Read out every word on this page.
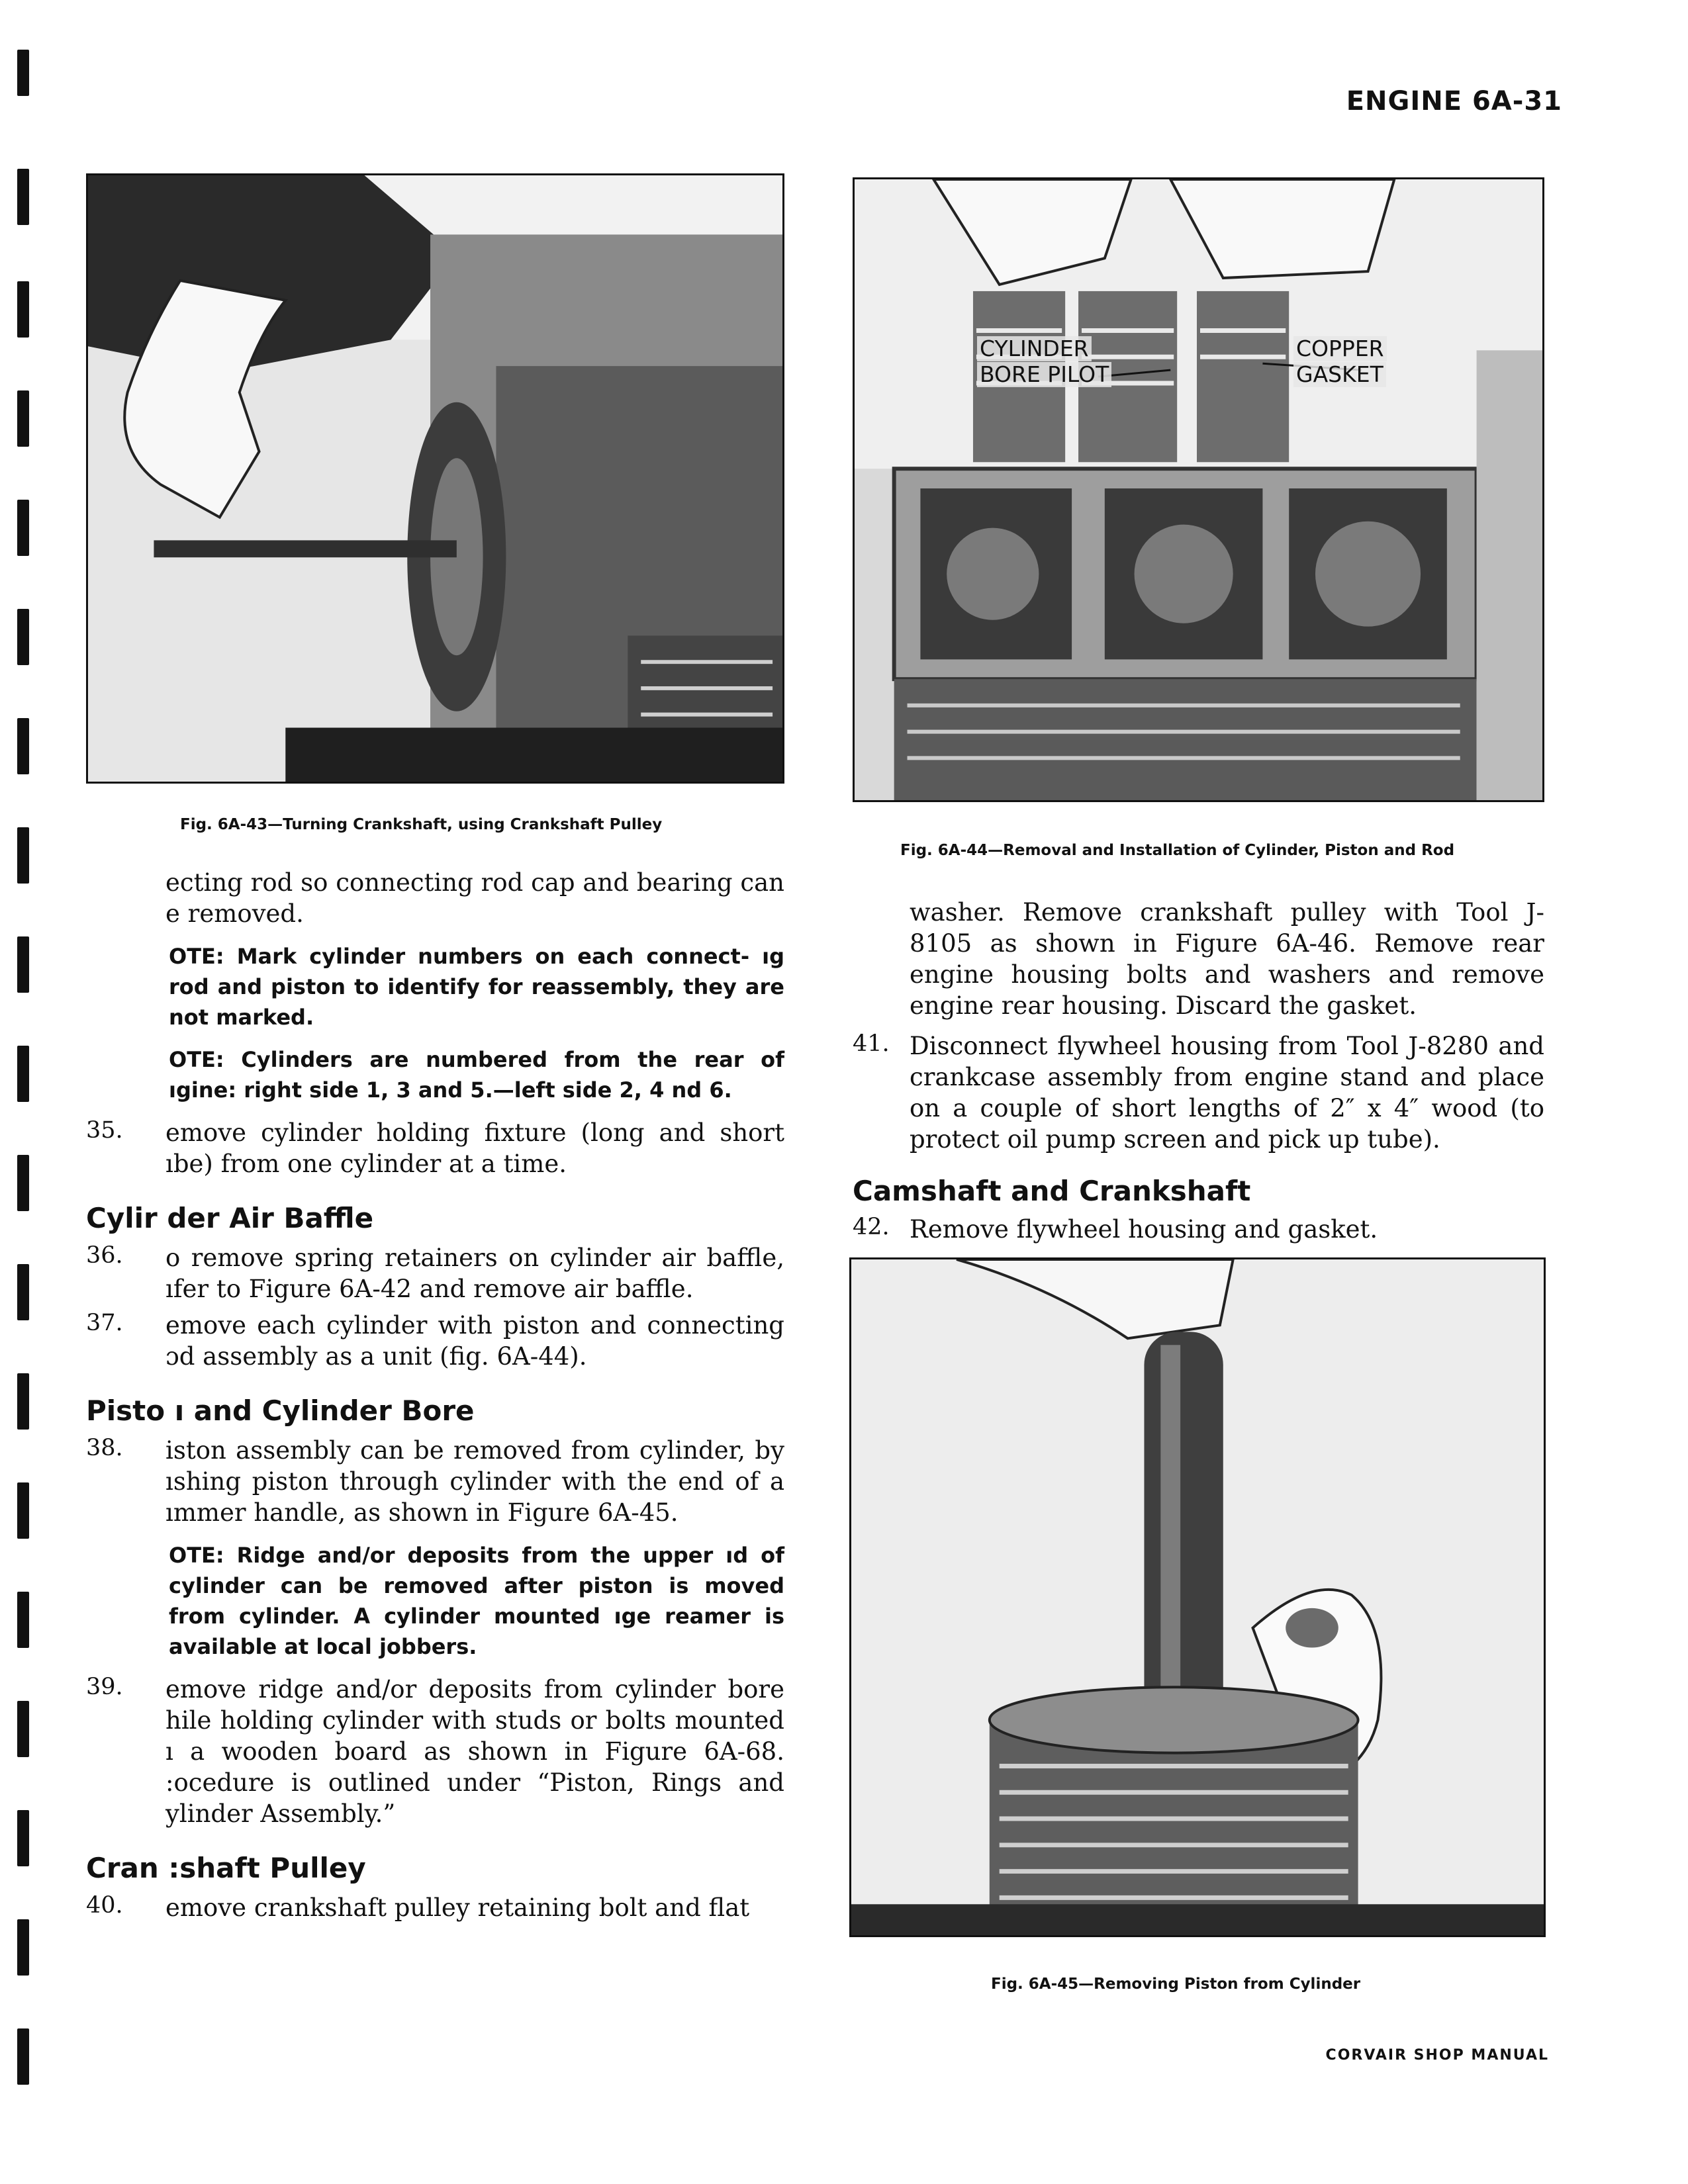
ENGINE 6A-31
Fig. 6A-43—Turning Crankshaft, using Crankshaft Pulley
CYLINDER
BORE PILOT
COPPER
GASKET
Fig. 6A-44—Removal and Installation of Cylinder, Piston and Rod
Fig. 6A-45—Removing Piston from Cylinder

ecting rod so connecting rod cap and bearing can e removed.

OTE: Mark cylinder numbers on each connect- ıg rod and piston to identify for reassembly, they are not marked.

OTE: Cylinders are numbered from the rear of ıgine: right side 1, 3 and 5.—left side 2, 4 nd 6.

35. emove cylinder holding fixture (long and short ıbe) from one cylinder at a time.

Cylir der Air Baffle
36. o remove spring retainers on cylinder air baffle, ıfer to Figure 6A-42 and remove air baffle.

37. emove each cylinder with piston and connecting ɔd assembly as a unit (fig. 6A-44).

Pisto ı and Cylinder Bore
38. iston assembly can be removed from cylinder, by ıshing piston through cylinder with the end of a ımmer handle, as shown in Figure 6A-45.

OTE: Ridge and/or deposits from the upper ıd of cylinder can be removed after piston is moved from cylinder. A cylinder mounted ıge reamer is available at local jobbers.

39. emove ridge and/or deposits from cylinder bore hile holding cylinder with studs or bolts mounted ı a wooden board as shown in Figure 6A-68. :ocedure is outlined under “Piston, Rings and ylinder Assembly.”

Cran :shaft Pulley
40. emove crankshaft pulley retaining bolt and flat

washer. Remove crankshaft pulley with Tool J-8105 as shown in Figure 6A-46. Remove rear engine housing bolts and washers and remove engine rear housing. Discard the gasket.

41. Disconnect flywheel housing from Tool J-8280 and crankcase assembly from engine stand and place on a couple of short lengths of 2″ x 4″ wood (to protect oil pump screen and pick up tube).

Camshaft and Crankshaft
42. Remove flywheel housing and gasket.

CORVAIR SHOP MANUAL
